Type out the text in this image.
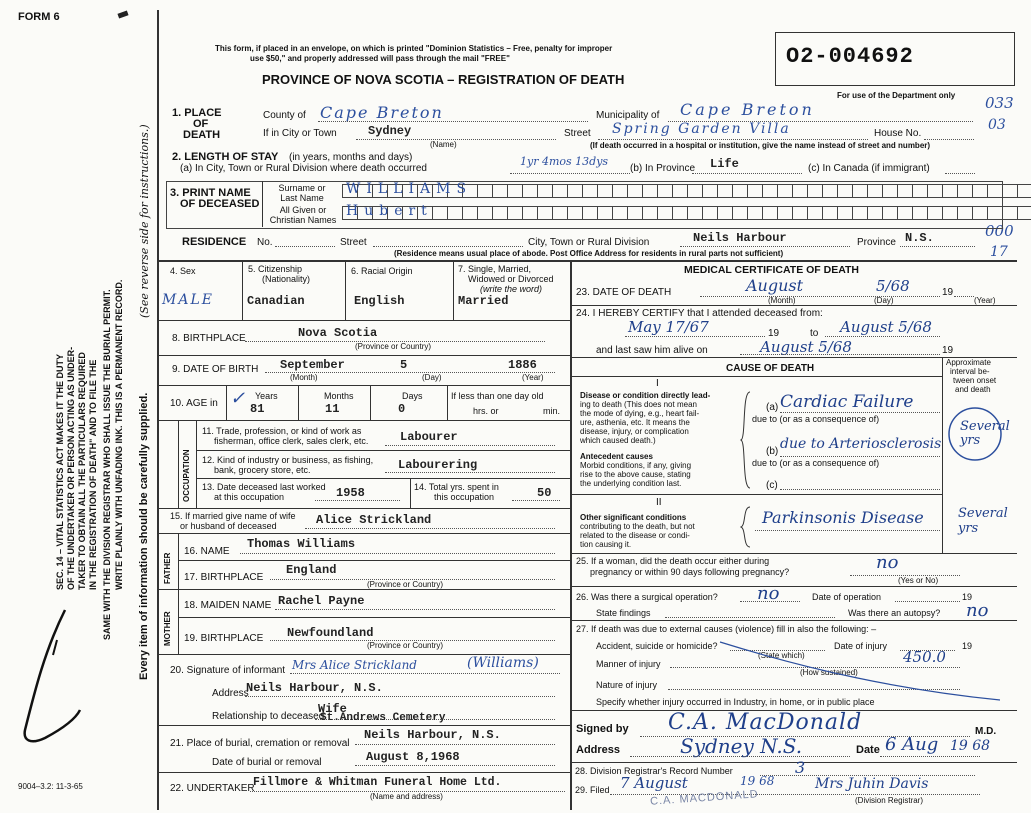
FORM 6
O2-004692
This form, if placed in an envelope, on which is printed "Dominion Statistics – Free, penalty for improper
use $50," and properly addressed will pass through the mail "FREE"
PROVINCE OF NOVA SCOTIA – REGISTRATION OF DEATH
For use of the Department only 033
03
000
17
SEC. 14 – VITAL STATISTICS ACT MAKES IT THE DUTY OF THE UNDERTAKER OR PERSON ACTING AS UNDER- TAKER TO OBTAIN ALL THE PARTICULARS REQUIRED IN THE REGISTRATION OF DEATH" AND TO FILE THE SAME WITH THE DIVISION REGISTRAR WHO SHALL ISSUE THE BURIAL PERMIT. WRITE PLAINLY WITH UNFADING INK. THIS IS A PERMANENT RECORD.
(See reverse side for instructions.)
Every item of information should be carefully supplied.
9004–3.2: 11-3-65
1. PLACE
OF
DEATH
County of Cape Breton	Municipality of Cape Breton
If in City or Town	Sydney
(Name)
Street Spring Garden Villa	House No.
(If death occurred in a hospital or institution, give the name instead of street and number)
2. LENGTH OF STAY (in years, months and days)
(a) In City, Town or Rural Division where death occurred
1yr 4mos 13dys
(b) In Province Life	(c) In Canada (if immigrant)
3. PRINT NAME
OF DECEASED
Surname or
Last Name
All Given or
Christian Names
WILLIAMS
Hubert
RESIDENCE No.	Street	City, Town or Rural Division	Neils Harbour	Province N.S.
(Residence means usual place of abode. Post Office Address for residents in rural parts not sufficient)
4. Sex	5. Citizenship
(Nationality)
6. Racial Origin	7. Single, Married,
Widowed or Divorced
(write the word)
MALE	Canadian	English	Married
8. BIRTHPLACE	Nova Scotia
(Province or Country)
9. DATE OF BIRTH September	5	1886
(Month)	(Day)	(Year)
10. AGE in ✓ Years	Months	Days
81	11	0
If less than one day old
hrs. or	min.
OCCUPATION
11. Trade, profession, or kind of work as
fisherman, office clerk, sales clerk, etc.	Labourer
12. Kind of industry or business, as fishing,
bank, grocery store, etc.	Labourering
13. Date deceased last worked
at this occupation	1958	14. Total yrs. spent in
this occupation	50
15. If married give name of wife
or husband of deceased	Alice Strickland
FATHER
16. NAME
Thomas Williams
17. BIRTHPLACE
England
(Province or Country)
MOTHER
18. MAIDEN NAME Rachel Payne
19. BIRTHPLACE Newfoundland
(Province or Country)
20. Signature of informant Mrs Alice Strickland	(Williams)
Address
Neils Harbour, N.S.
Relationship to deceased
Wife
St.Andrews Cemetery
21. Place of burial, cremation or removal
Neils Harbour, N.S.
Date of burial or removal	August 8,1968
22. UNDERTAKER
Fillmore & Whitman Funeral Home Ltd.
(Name and address)
MEDICAL CERTIFICATE OF DEATH
23. DATE OF DEATH	August	5/68	19
(Month)	(Day)	(Year)
24. I HEREBY CERTIFY that I attended deceased from:
May 17/67	19	to August 5/68
and last saw him alive on	August 5/68	19
CAUSE OF DEATH
Approximate
interval be-
tween onset
and death
I
Disease or condition directly lead-
ing to death (This does not mean
the mode of dying, e.g., heart fail-
ure, asthenia, etc. It means the
disease, injury, or complication
which caused death.)
(a) Cardiac Failure
due to (or as a consequence of)	Several yrs
Antecedent causes
Morbid conditions, if any, giving
rise to the above cause, stating
the underlying condition last.
(b) due to Arteriosclerosis
due to (or as a consequence of)
(c)
II
Other significant conditions
contributing to the death, but not
related to the disease or condi-
tion causing it.
Parkinsonis Disease	Several yrs
25. If a woman, did the death occur either during
pregnancy or within 90 days following pregnancy?	no
(Yes or No)
26. Was there a surgical operation? no	Date of operation	19
State findings	Was there an autopsy? no
27. If death was due to external causes (violence) fill in also the following: –
Accident, suicide or homicide?
(State which)
Date of injury	19
Manner of injury	450.0
(How sustained)
Nature of injury
Specify whether injury occurred in Industry, in home, or in public place
Signed by C.A. MacDonald	M.D.
Address	Sydney N.S.	Date 6 Aug 19 68
28. Division Registrar's Record Number	3
29. Filed 7 August	19 68	Mrs Juhin Davis
(Division Registrar)
C.A. MACDONALD
